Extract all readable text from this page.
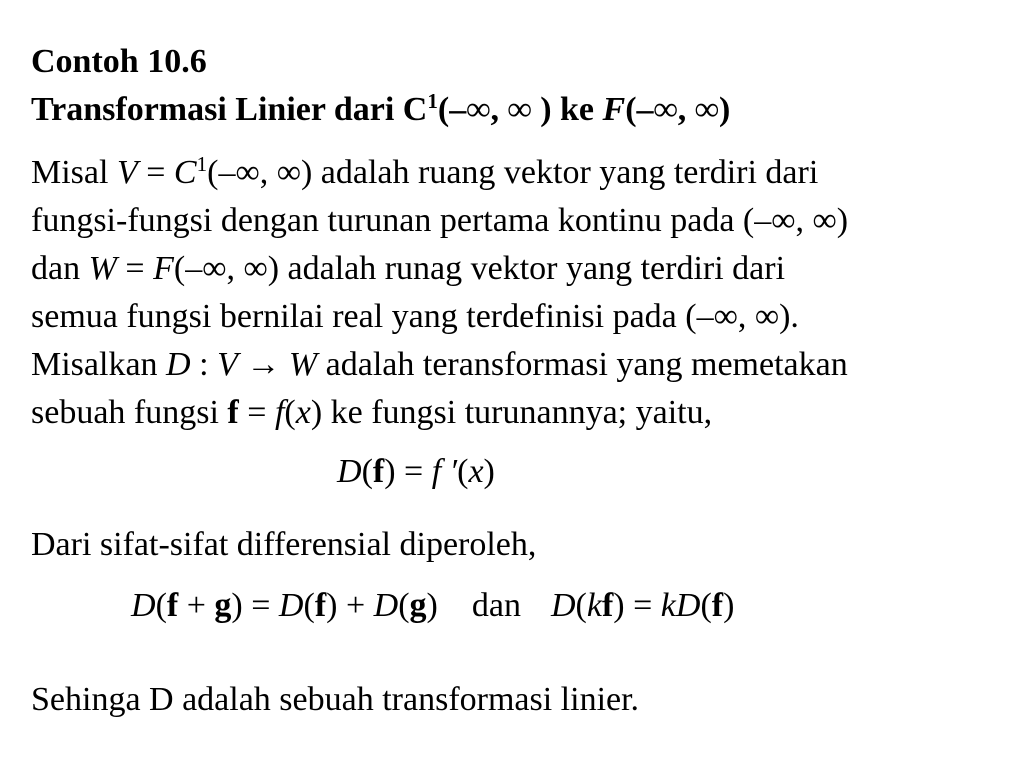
Contoh 10.6
Transformasi Linier dari $C^1(-\infty$, ∞ ) ke F(–∞, ∞)
Misal $V = C^1(-\infty$, ∞) adalah ruang vektor yang terdiri dari
fungsi-fungsi dengan turunan pertama kontinu pada (–∞, ∞)
dan W = F(–∞, ∞) adalah runag vektor yang terdiri dari
semua fungsi bernilai real yang terdefinisi pada (–∞, ∞).
Misalkan D : V → W adalah teransformasi yang memetakan
sebuah fungsi f = f(x) ke fungsi turunannya; yaitu,
D(f) = f ′(x)
Dari sifat-sifat differensial diperoleh,
D(f + g) = D(f) + D(g) dan D(kf) = kD(f)
Sehinga D adalah sebuah transformasi linier.
